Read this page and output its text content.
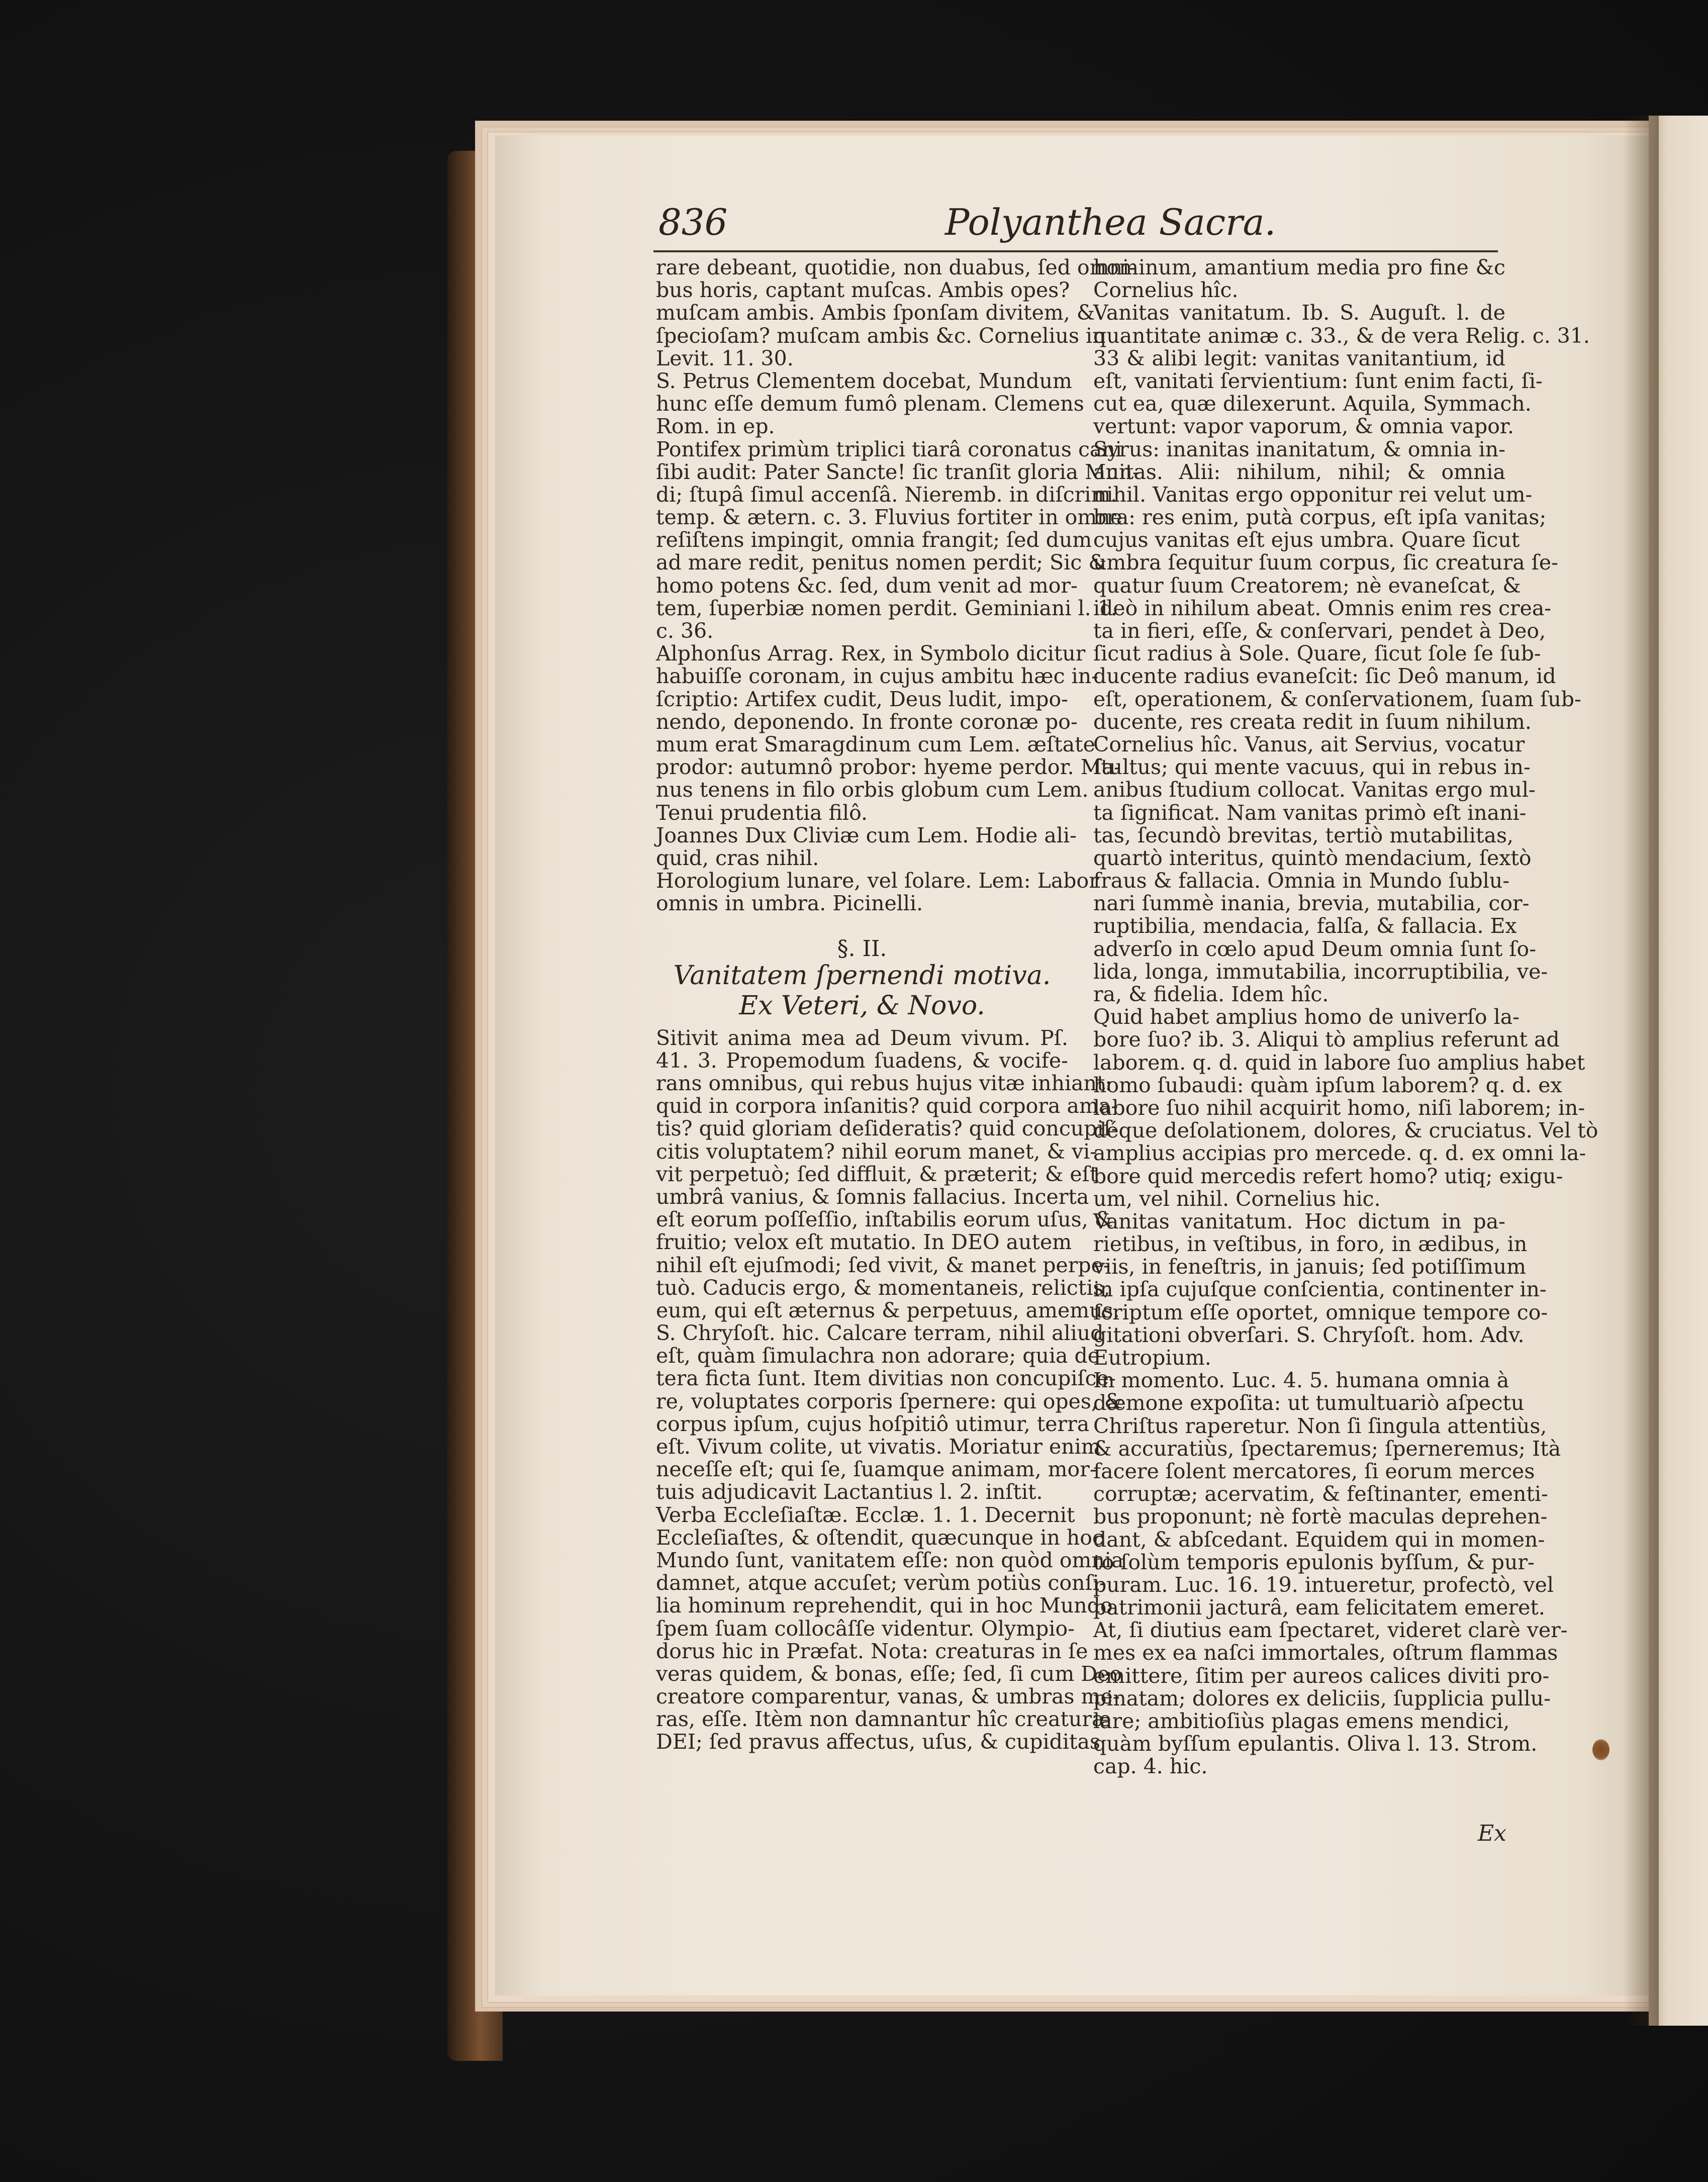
836	Polyanthea Sacra.
rare debeant, quotidie, non duabus, ſed omni-
bus horis, captant muſcas. Ambis opes?
muſcam ambis. Ambis ſponſam divitem, &
ſpecioſam? muſcam ambis &c. Cornelius in
Levit. 11. 30.
S. Petrus Clementem docebat, Mundum
hunc eſſe demum fumô plenam. Clemens
Rom. in ep.
Pontifex primùm triplici tiarâ coronatus cani
ſibi audit: Pater Sancte! ſic tranſit gloria Mun-
di; ſtupâ ſimul accenſâ. Nieremb. in diſcrim.
temp. & ætern. c. 3. Fluvius fortiter in omne
reſiſtens impingit, omnia frangit; ſed dum
ad mare redit, penitus nomen perdit; Sic &
homo potens &c. ſed, dum venit ad mor-
tem, ſuperbiæ nomen perdit. Geminiani l. 1.
c. 36.
Alphonſus Arrag. Rex, in Symbolo dicitur
habuiſſe coronam, in cujus ambitu hæc in-
ſcriptio: Artifex cudit, Deus ludit, impo-
nendo, deponendo. In fronte coronæ po-
mum erat Smaragdinum cum Lem. æſtate
prodor: autumnô probor: hyeme perdor. Ma-
nus tenens in filo orbis globum cum Lem.
Tenui prudentia filô.
Joannes Dux Cliviæ cum Lem. Hodie ali-
quid, cras nihil.
Horologium lunare, vel ſolare. Lem: Labor
omnis in umbra. Picinelli.
§. II.
Vanitatem ſpernendi motiva.
Ex Veteri, & Novo.
Sitivit anima mea ad Deum vivum. Pſ.
41. 3. Propemodum ſuadens, & vocife-
rans omnibus, qui rebus hujus vitæ inhiant:
quid in corpora inſanitis? quid corpora ama-
tis? quid gloriam deſideratis? quid concupiſ-
citis voluptatem? nihil eorum manet, & vi-
vit perpetuò; ſed diffluit, & præterit; & eſt
umbrâ vanius, & ſomnis fallacius. Incerta
eſt eorum poſſeſſio, inſtabilis eorum uſus, &
fruitio; velox eſt mutatio. In DEO autem
nihil eſt ejuſmodi; ſed vivit, & manet perpe-
tuò. Caducis ergo, & momentaneis, relictis,
eum, qui eſt æternus & perpetuus, amemus.
S. Chryſoſt. hic. Calcare terram, nihil aliud
eſt, quàm ſimulachra non adorare; quia de
tera ficta ſunt. Item divitias non concupiſce-
re, voluptates corporis ſpernere: qui opes, &
corpus ipſum, cujus hoſpitiô utimur, terra
eſt. Vivum colite, ut vivatis. Moriatur enim
neceſſe eſt; qui ſe, ſuamque animam, mor-
tuis adjudicavit Lactantius l. 2. inſtit.
Verba Eccleſiaſtæ. Ecclæ. 1. 1. Decernit
Eccleſiaſtes, & oſtendit, quæcunque in hoc
Mundo ſunt, vanitatem eſſe: non quòd omnia
damnet, atque accuſet; verùm potiùs conſi-
lia hominum reprehendit, qui in hoc Mundo
ſpem ſuam collocâſſe videntur. Olympio-
dorus hic in Præfat. Nota: creaturas in ſe
veras quidem, & bonas, eſſe; ſed, ſi cum Deo
creatore comparentur, vanas, & umbras me-
ras, eſſe. Itèm non damnantur hîc creaturæ
DEI; ſed pravus affectus, uſus, & cupiditas
hominum, amantium media pro fine &c
Cornelius hîc.
Vanitas vanitatum. Ib. S. Auguſt. l. de
quantitate animæ c. 33., & de vera Relig. c. 31.
33 & alibi legit: vanitas vanitantium, id
eſt, vanitati ſervientium: ſunt enim facti, ſi-
cut ea, quæ dilexerunt. Aquila, Symmach.
vertunt: vapor vaporum, & omnia vapor.
Syrus: inanitas inanitatum, & omnia in-
anitas. Alii: nihilum, nihil; & omnia
nihil. Vanitas ergo opponitur rei velut um-
bra: res enim, putà corpus, eſt ipſa vanitas;
cujus vanitas eſt ejus umbra. Quare ſicut
umbra ſequitur ſuum corpus, ſic creatura ſe-
quatur ſuum Creatorem; nè evaneſcat, &
ideò in nihilum abeat. Omnis enim res crea-
ta in fieri, eſſe, & conſervari, pendet à Deo,
ſicut radius à Sole. Quare, ſicut ſole ſe ſub-
ducente radius evaneſcit: ſic Deô manum, id
eſt, operationem, & conſervationem, ſuam ſub-
ducente, res creata redit in ſuum nihilum.
Cornelius hîc. Vanus, ait Servius, vocatur
ſtultus; qui mente vacuus, qui in rebus in-
anibus ſtudium collocat. Vanitas ergo mul-
ta ſignificat. Nam vanitas primò eſt inani-
tas, ſecundò brevitas, tertiò mutabilitas,
quartò interitus, quintò mendacium, ſextò
fraus & fallacia. Omnia in Mundo ſublu-
nari ſummè inania, brevia, mutabilia, cor-
ruptibilia, mendacia, falſa, & fallacia. Ex
adverſo in cœlo apud Deum omnia ſunt ſo-
lida, longa, immutabilia, incorruptibilia, ve-
ra, & fidelia. Idem hîc.
Quid habet amplius homo de univerſo la-
bore ſuo? ib. 3. Aliqui tò amplius referunt ad
laborem. q. d. quid in labore ſuo amplius habet
homo ſubaudi: quàm ipſum laborem? q. d. ex
labore ſuo nihil acquirit homo, niſi laborem; in-
déque deſolationem, dolores, & cruciatus. Vel tò
amplius accipias pro mercede. q. d. ex omni la-
bore quid mercedis refert homo? utiq; exigu-
um, vel nihil. Cornelius hic.
Vanitas vanitatum. Hoc dictum in pa-
rietibus, in veſtibus, in foro, in ædibus, in
viis, in feneſtris, in januis; ſed potiſſimum
in ipſa cujuſque conſcientia, continenter in-
ſcriptum eſſe oportet, omnique tempore co-
gitationi obverſari. S. Chryſoſt. hom. Adv.
Eutropium.
In momento. Luc. 4. 5. humana omnia à
dæmone expoſita: ut tumultuariò aſpectu
Chriſtus raperetur. Non ſi ſingula attentiùs,
& accuratiùs, ſpectaremus; ſperneremus; Ità
facere ſolent mercatores, ſi eorum merces
corruptæ; acervatim, & feſtinanter, ementi-
bus proponunt; nè fortè maculas deprehen-
dant, & abſcedant. Equidem qui in momen-
to ſolùm temporis epulonis byſſum, & pur-
puram. Luc. 16. 19. intueretur, profectò, vel
patrimonii jacturâ, eam felicitatem emeret.
At, ſi diutius eam ſpectaret, videret clarè ver-
mes ex ea naſci immortales, oſtrum flammas
emittere, ſitim per aureos calices diviti pro-
pinatam; dolores ex deliciis, ſupplicia pullu-
lare; ambitioſiùs plagas emens mendici,
quàm byſſum epulantis. Oliva l. 13. Strom.
cap. 4. hic.
Ex
